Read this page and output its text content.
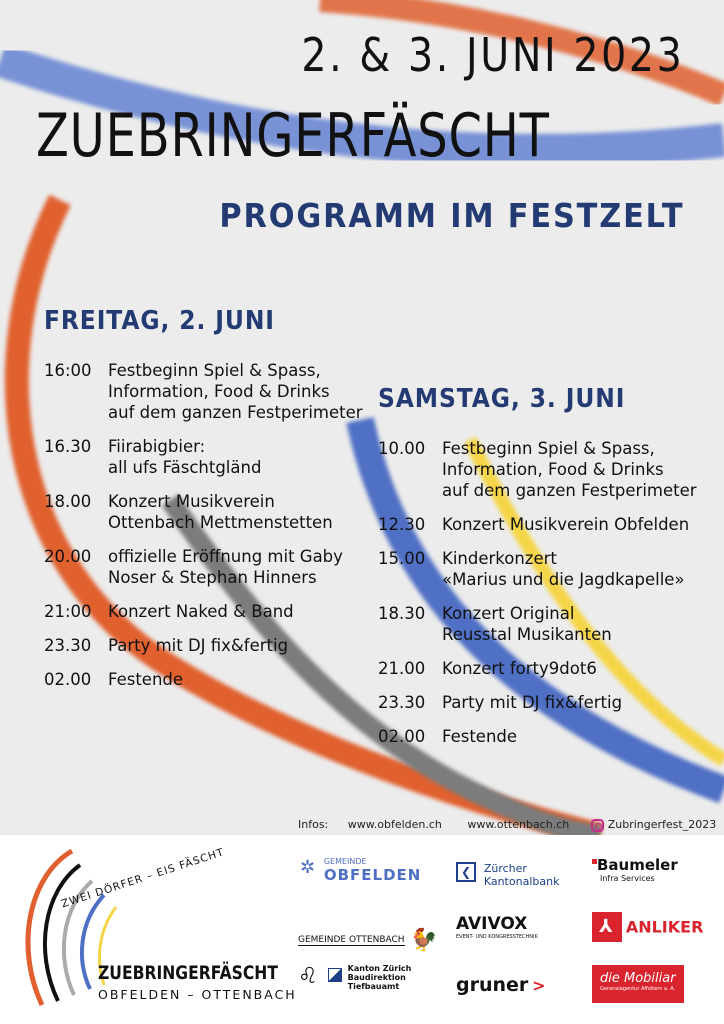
2. & 3. JUNI 2023
ZUEBRINGERFÄSCHT
PROGRAMM IM FESTZELT
FREITAG, 2. JUNI
16:00 Festbeginn Spiel & Spass,
Information, Food & Drinks
auf dem ganzen Festperimeter
16.30	Fiirabigbier:
all ufs Fäschtgländ
18.00	Konzert Musikverein
Ottenbach Mettmenstetten
20.00	offizielle Eröffnung mit Gaby
Noser & Stephan Hinners
21:00 Konzert Naked & Band
23.30	Party mit DJ fix&fertig
02.00	Festende
SAMSTAG, 3. JUNI
10.00	Festbeginn Spiel & Spass,
Information, Food & Drinks
auf dem ganzen Festperimeter
12.30	Konzert Musikverein Obfelden
15.00	Kinderkonzert
«Marius und die Jagdkapelle»
18.30	Konzert Original
Reusstal Musikanten
21.00	Konzert forty9dot6
23.30	Party mit DJ fix&fertig
02.00	Festende
Infos: www.obfelden.ch www.ottenbach.ch	Zubringerfest_2023
ZWEI DÖRFER – EIS FÄSCHT
ZUEBRINGERFÄSCHT
OBFELDEN – OTTENBACH
✲ GEMEINDE
OBFELDEN	❮ Zürcher
Kantonalbank
Baumeler
Infra Services
GEMEINDE OTTENBACH 🐓
AVIVOX
EVENT- UND KONGRESSTECHNIK	⅄ ANLIKER
♌	Kanton Zürich
Baudirektion
Tiefbauamt	gruner >	die Mobiliar
Generalagentur Affoltern a. A.
